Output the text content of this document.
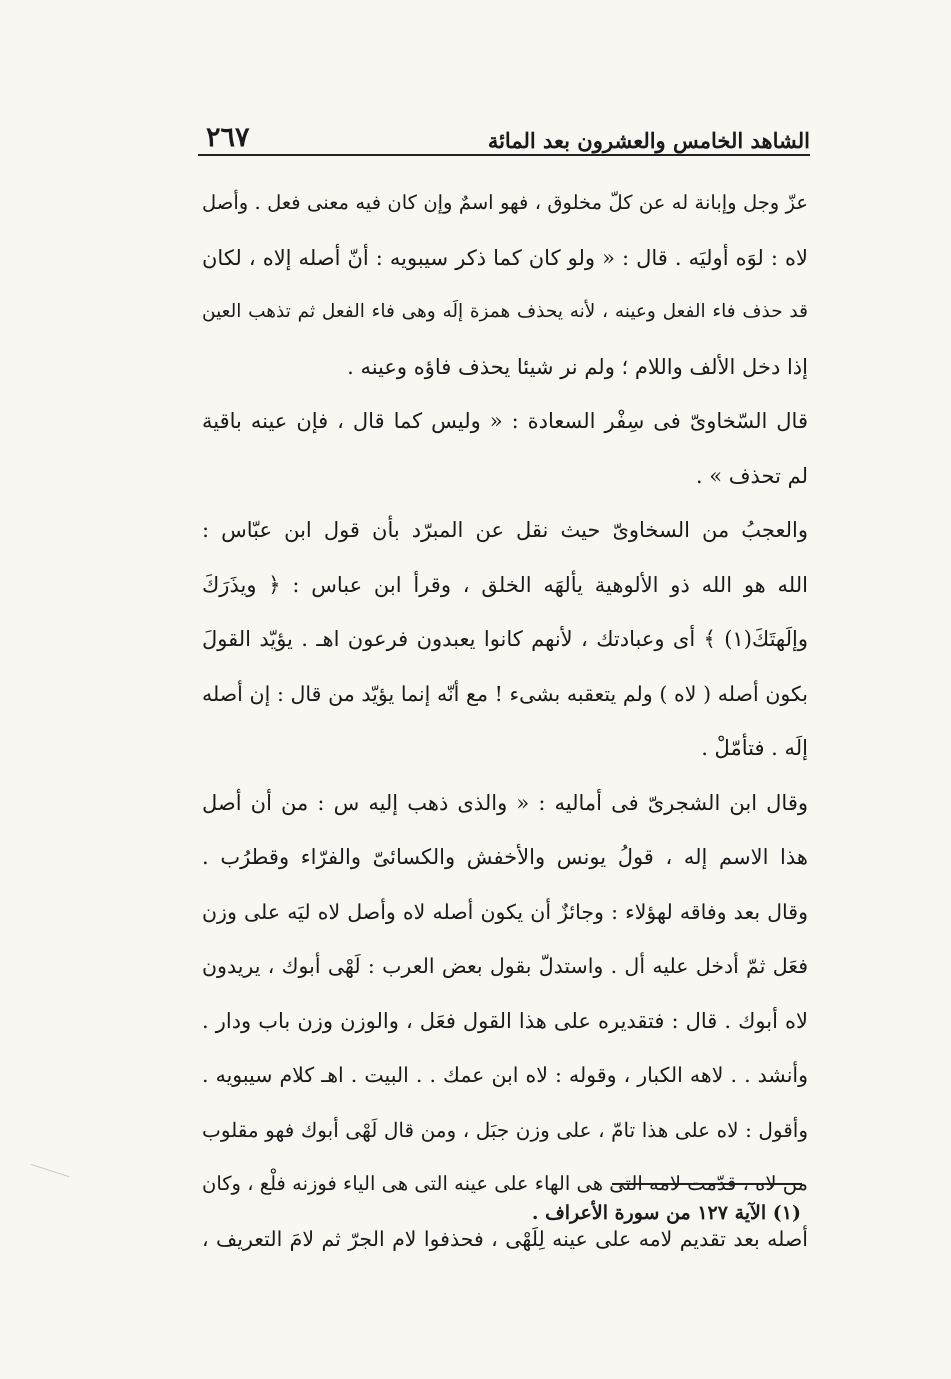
الشاهد الخامس والعشرون بعد المائة
٢٦٧
عزّ وجل وإبانة له عن كلّ مخلوق ، فهو اسمٌ وإن كان فيه معنى فعل . وأصل
لاه : لوَه أوليَه . قال : « ولو كان كما ذكر سيبويه : أنّ أصله إلاه ، لكان
قد حذف فاء الفعل وعينه ، لأنه يحذف همزة إلَه وهى فاء الفعل ثم تذهب العين
إذا دخل الألف واللام ؛ ولم نر شيئا يحذف فاؤه وعينه .
قال السّخاوىّ فى سِفْر السعادة : « وليس كما قال ، فإن عينه باقية
لم تحذف » .
والعجبُ من السخاوىّ حيث نقل عن المبرّد بأن قول ابن عبّاس :
الله هو الله ذو الألوهية يألهَه الخلق ، وقرأ ابن عباس : ﴿ ويذَرَكَ
وإلَهتَكَ(١) ﴾ أى وعبادتك ، لأنهم كانوا يعبدون فرعون اهـ . يؤيّد القولَ
بكون أصله ( لاه ) ولم يتعقبه بشىء ! مع أنّه إنما يؤيّد من قال : إن أصله
إلَه . فتأمّلْ .
وقال ابن الشجرىّ فى أماليه : « والذى ذهب إليه س : من أن أصل
هذا الاسم إله ، قولُ يونس والأخفش والكسائىّ والفرّاء وقطرُب .
وقال بعد وفاقه لهؤلاء : وجائزٌ أن يكون أصله لاه وأصل لاه ليَه على وزن
فعَل ثمّ أدخل عليه أل . واستدلّ بقول بعض العرب : لَهْى أبوك ، يريدون
لاه أبوك . قال : فتقديره على هذا القول فعَل ، والوزن وزن باب ودار .
وأنشد . . لاهه الكبار ، وقوله : لاه ابن عمك . . البيت . اهـ كلام سيبويه .
وأقول : لاه على هذا تامّ ، على وزن جبَل ، ومن قال لَهْى أبوك فهو مقلوب
من لاه ، قدّمت لامه التى هى الهاء على عينه التى هى الياء فوزنه فلْع ، وكان
أصله بعد تقديم لامه على عينه لِلَهْى ، فحذفوا لام الجرّ ثم لامَ التعريف ،
(١) الآية ١٢٧ من سورة الأعراف .
